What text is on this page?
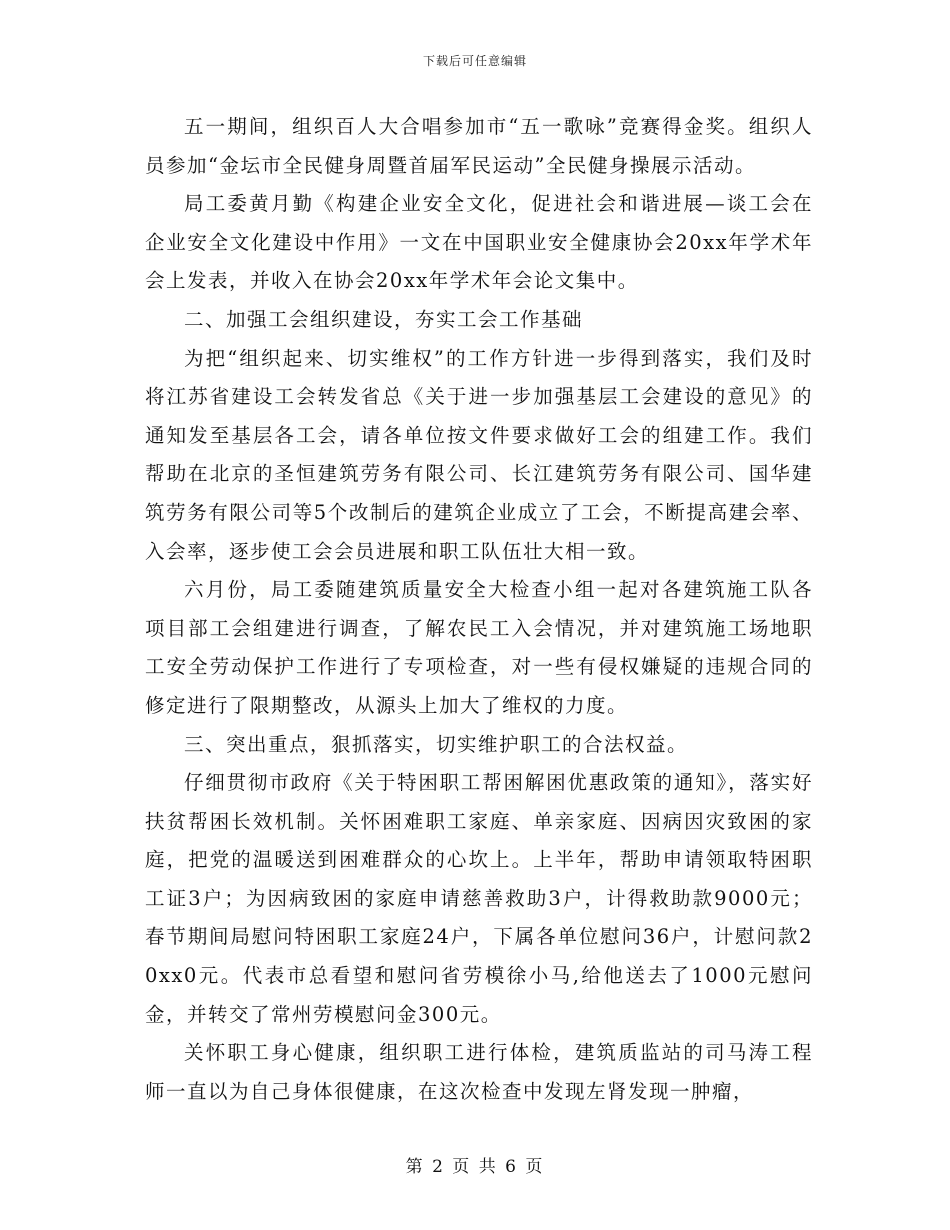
下载后可任意编辑

五一期间，组织百人大合唱参加市“五一歌咏”竞赛得金奖。组织人员参加“金坛市全民健身周暨首届军民运动”全民健身操展示活动。

局工委黄月勤《构建企业安全文化，促进社会和谐进展—谈工会在企业安全文化建设中作用》一文在中国职业安全健康协会20xx年学术年会上发表，并收入在协会20xx年学术年会论文集中。

二、加强工会组织建设，夯实工会工作基础

为把“组织起来、切实维权”的工作方针进一步得到落实，我们及时将江苏省建设工会转发省总《关于进一步加强基层工会建设的意见》的通知发至基层各工会，请各单位按文件要求做好工会的组建工作。我们帮助在北京的圣恒建筑劳务有限公司、长江建筑劳务有限公司、国华建筑劳务有限公司等5个改制后的建筑企业成立了工会，不断提高建会率、入会率，逐步使工会会员进展和职工队伍壮大相一致。

六月份，局工委随建筑质量安全大检查小组一起对各建筑施工队各项目部工会组建进行调查，了解农民工入会情况，并对建筑施工场地职工安全劳动保护工作进行了专项检查，对一些有侵权嫌疑的违规合同的修定进行了限期整改，从源头上加大了维权的力度。

三、突出重点，狠抓落实，切实维护职工的合法权益。

仔细贯彻市政府《关于特困职工帮困解困优惠政策的通知》，落实好扶贫帮困长效机制。关怀困难职工家庭、单亲家庭、因病因灾致困的家庭，把党的温暖送到困难群众的心坎上。上半年，帮助申请领取特困职工证3户；为因病致困的家庭申请慈善救助3户，计得救助款9000元；春节期间局慰问特困职工家庭24户，下属各单位慰问36户，计慰问款20xx0元。代表市总看望和慰问省劳模徐小马,给他送去了1000元慰问金，并转交了常州劳模慰问金300元。

关怀职工身心健康，组织职工进行体检，建筑质监站的司马涛工程师一直以为自己身体很健康，在这次检查中发现左肾发现一肿瘤，

第 2 页 共 6 页
